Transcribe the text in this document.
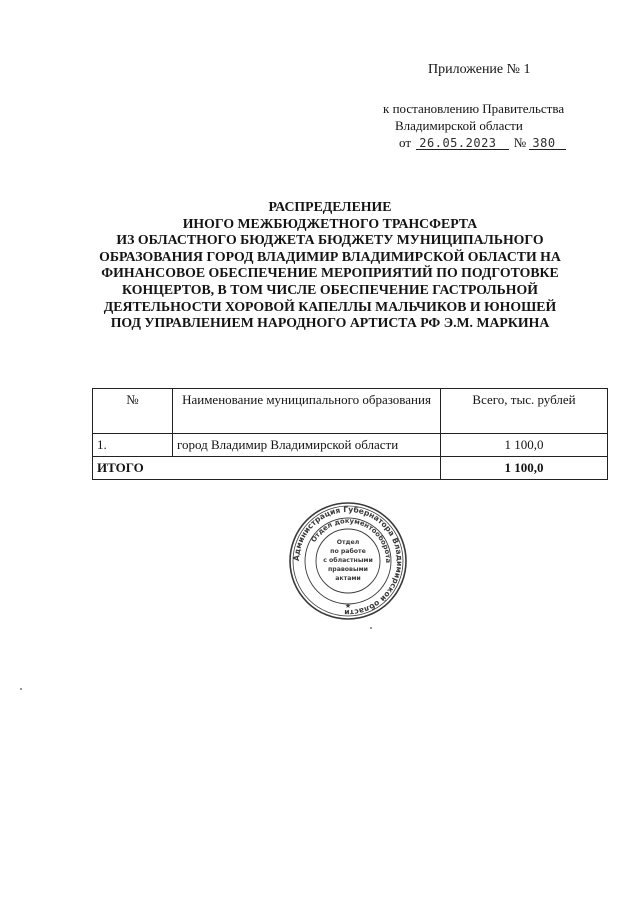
Приложение № 1
к постановлению Правительства
Владимирской области
от 26.05.2023 № 380
РАСПРЕДЕЛЕНИЕ
ИНОГО МЕЖБЮДЖЕТНОГО ТРАНСФЕРТА
ИЗ ОБЛАСТНОГО БЮДЖЕТА БЮДЖЕТУ МУНИЦИПАЛЬНОГО
ОБРАЗОВАНИЯ ГОРОД ВЛАДИМИР ВЛАДИМИРСКОЙ ОБЛАСТИ НА
ФИНАНСОВОЕ ОБЕСПЕЧЕНИЕ МЕРОПРИЯТИЙ ПО ПОДГОТОВКЕ
КОНЦЕРТОВ, В ТОМ ЧИСЛЕ ОБЕСПЕЧЕНИЕ ГАСТРОЛЬНОЙ
ДЕЯТЕЛЬНОСТИ ХОРОВОЙ КАПЕЛЛЫ МАЛЬЧИКОВ И ЮНОШЕЙ
ПОД УПРАВЛЕНИЕМ НАРОДНОГО АРТИСТА РФ Э.М. МАРКИНА
№	Наименование муниципального образования	Всего, тыс. рублей
1.	город Владимир Владимирской области	1 100,0
ИТОГО		1 100,0
Администрация Губернатора Владимирской области
Отдел документооборота
Отдел
по работе
с областными
правовыми
актами
★
